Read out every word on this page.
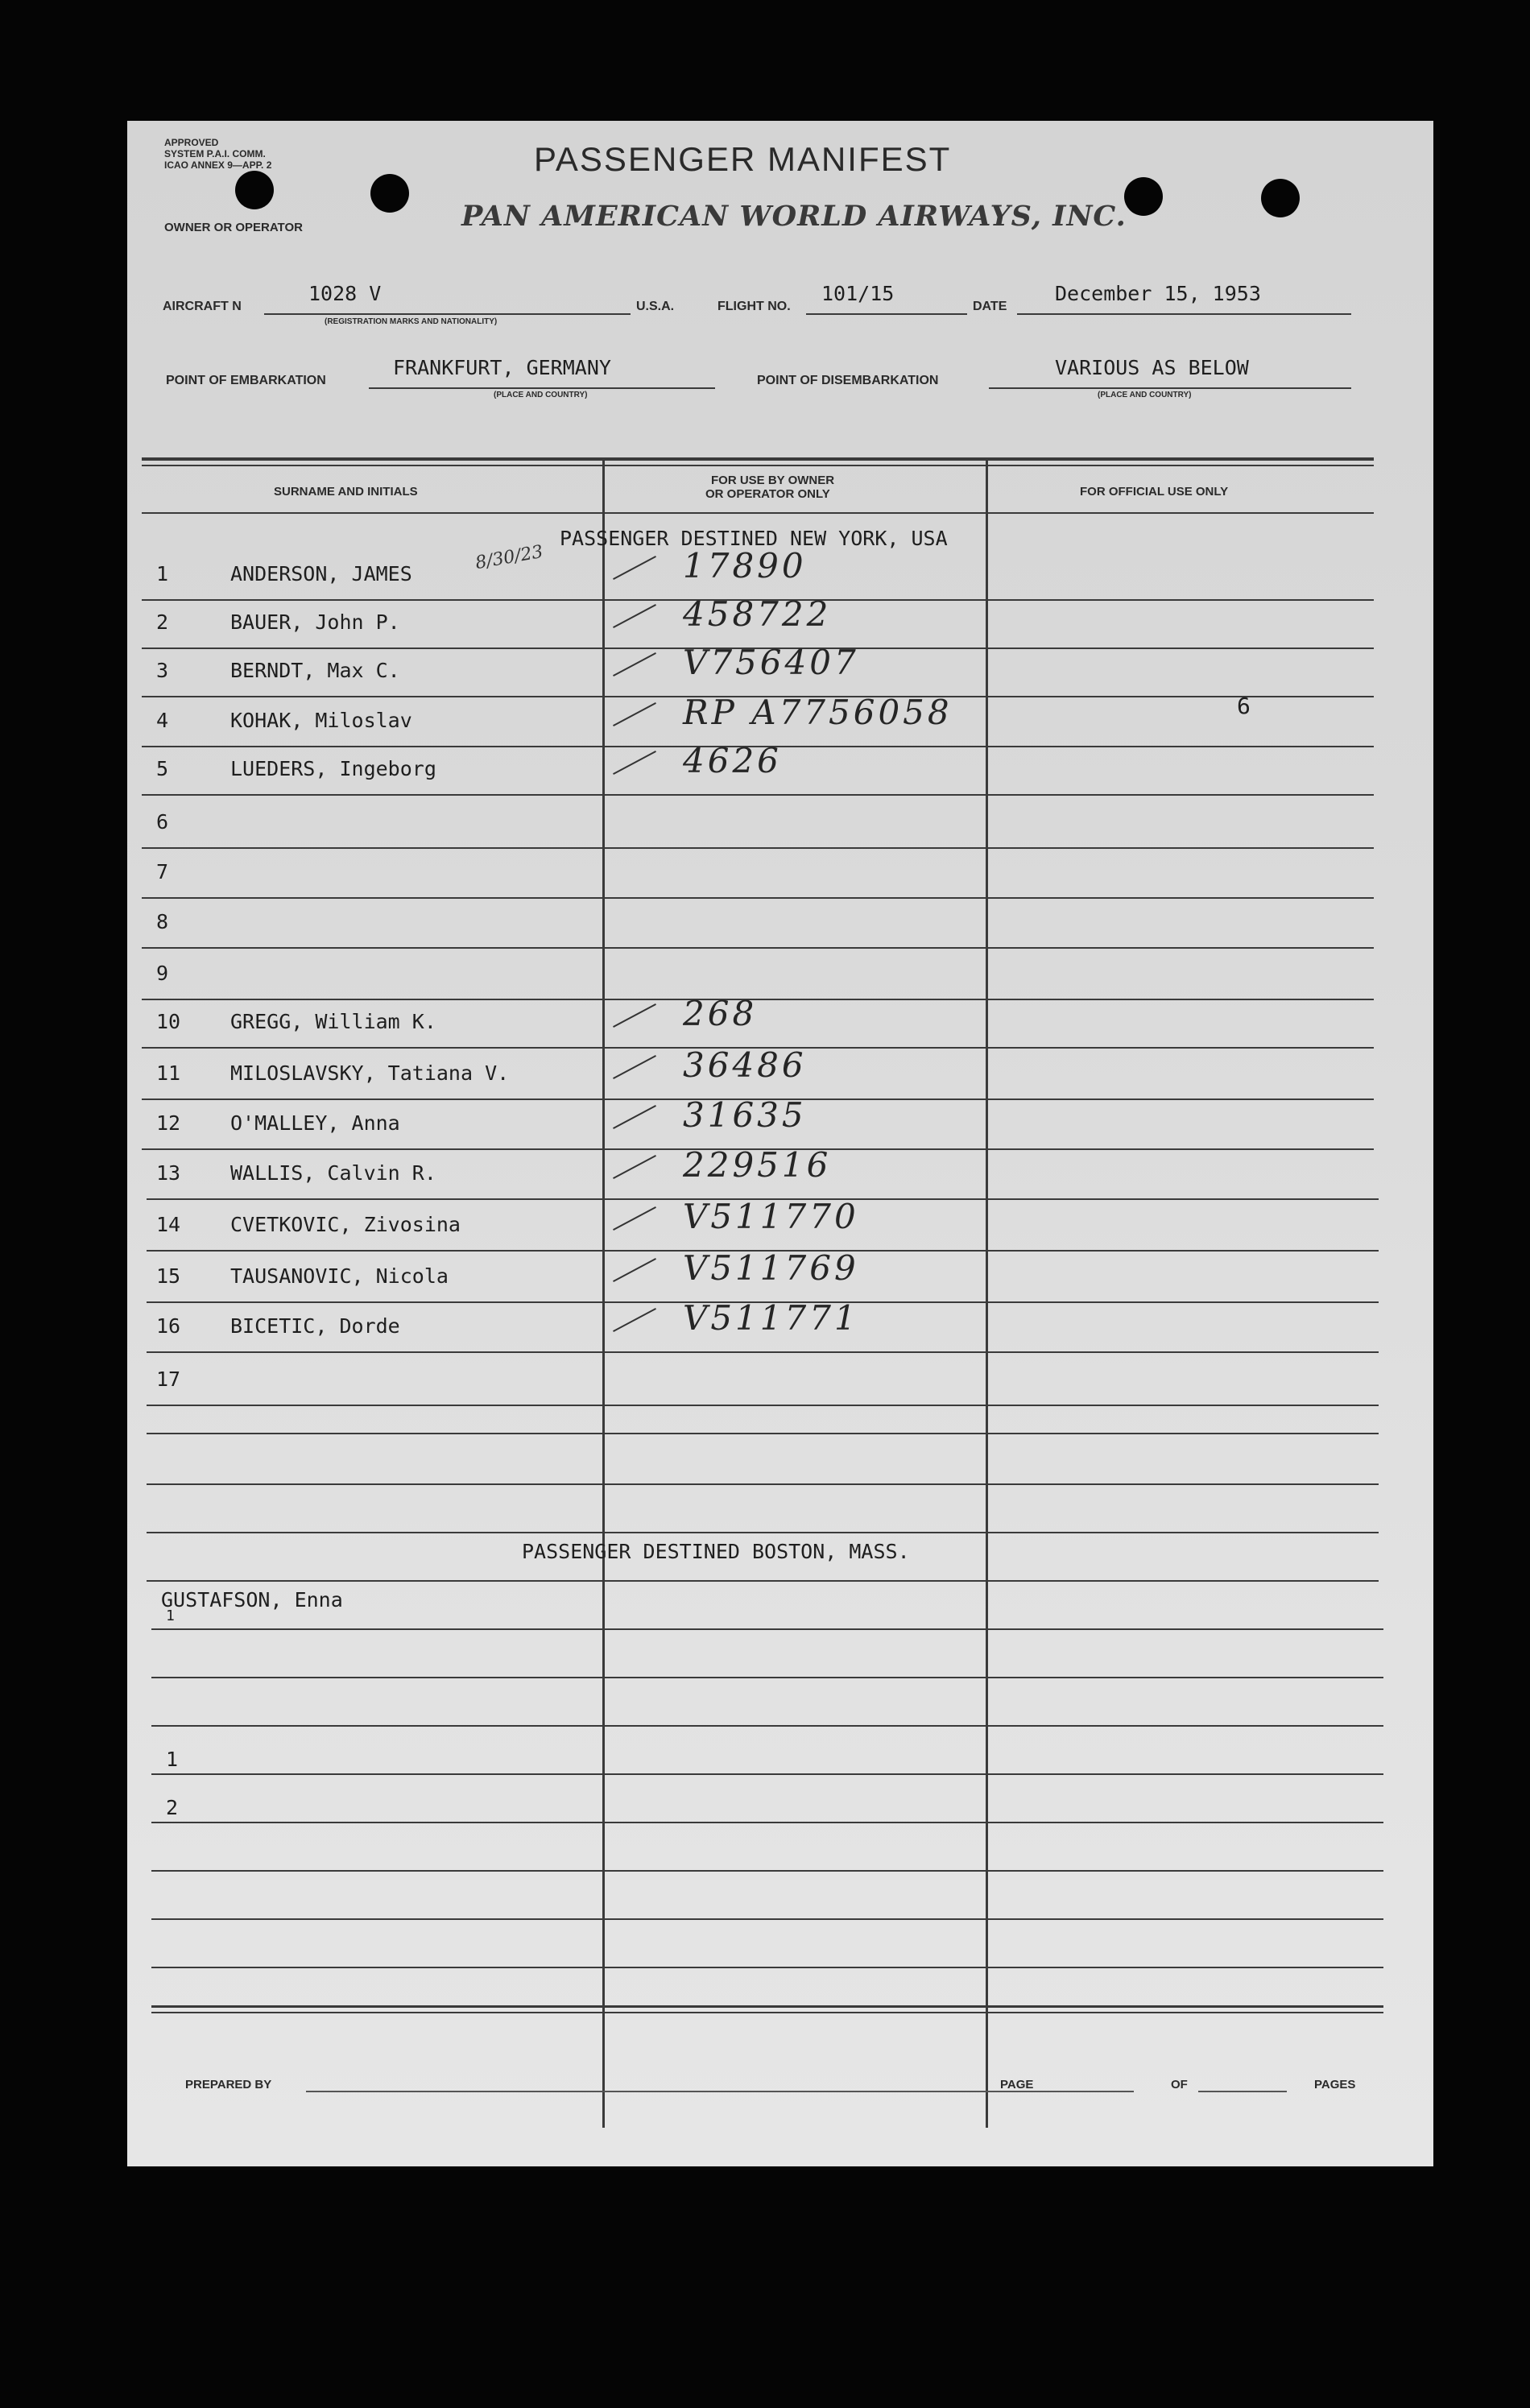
APPROVED
SYSTEM P.A.I. COMM.
ICAO ANNEX 9—APP. 2
OWNER OR OPERATOR
PASSENGER MANIFEST
PAN AMERICAN WORLD AIRWAYS, INC.
AIRCRAFT N
1028 V
(REGISTRATION MARKS AND NATIONALITY)
U.S.A.	FLIGHT NO.
101/15
DATE
December 15, 1953
POINT OF EMBARKATION
FRANKFURT, GERMANY
(PLACE AND COUNTRY)
POINT OF DISEMBARKATION
VARIOUS AS BELOW
(PLACE AND COUNTRY)
SURNAME AND INITIALS
FOR USE BY OWNER
OR OPERATOR ONLY	FOR OFFICIAL USE ONLY
PASSENGER DESTINED NEW YORK, USA
8/30/23
1	ANDERSON, JAMES	17890
2	BAUER, John P.	458722
3	BERNDT, Max C.	V756407
4	KOHAK, Miloslav	RP A7756058	6
5	LUEDERS, Ingeborg	4626
6
7
8
9
10 GREGG, William K.	268
11 MILOSLAVSKY, Tatiana V.	36486
12 O'MALLEY, Anna	31635
13 WALLIS, Calvin R.	229516
14 CVETKOVIC, Zivosina	V511770
15 TAUSANOVIC, Nicola	V511769
16 BICETIC, Dorde	V511771
17
PASSENGER DESTINED BOSTON, MASS.
GUSTAFSON, Enna
1
1
2
PREPARED BY	PAGE	OF	PAGES
